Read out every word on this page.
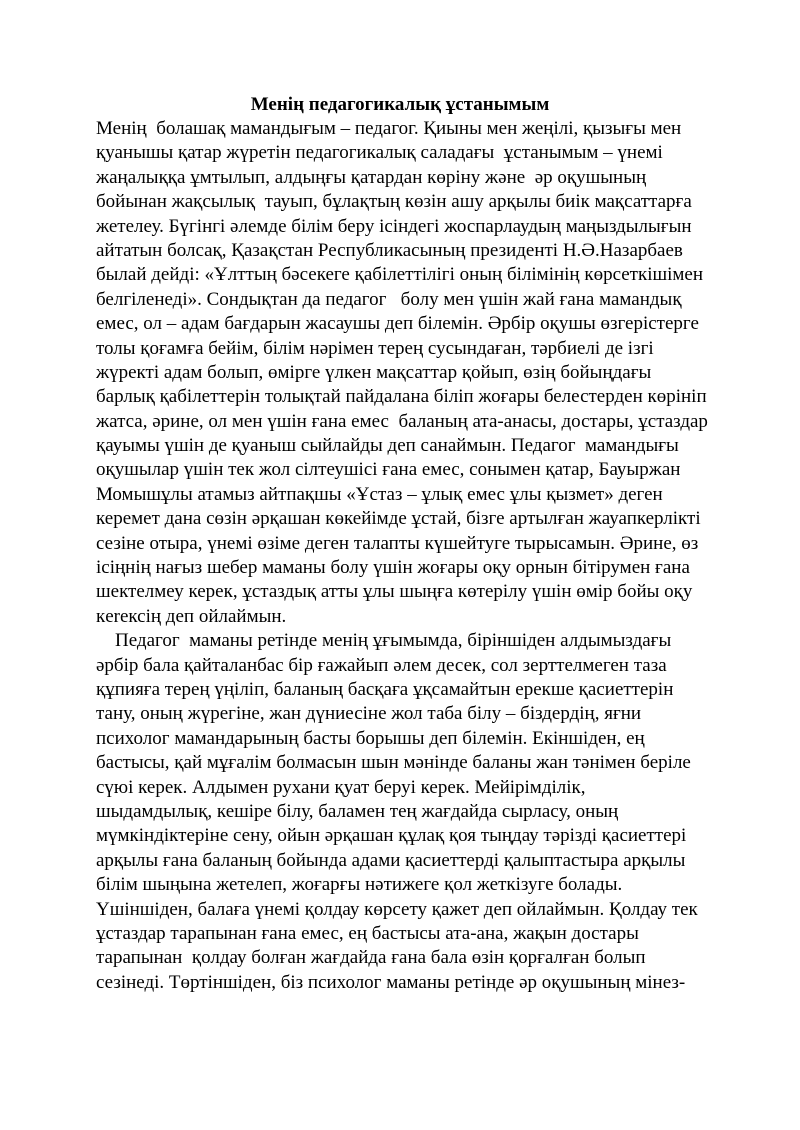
Менің педагогикалық ұстанымым
Менің  болашақ мамандығым – педагог. Қиыны мен жеңілі, қызығы мен
қуанышы қатар жүретін педагогикалық саладағы  ұстанымым – үнемі
жаңалыққа ұмтылып, алдыңғы қатардан көріну және  әр оқушының
бойынан жақсылық  тауып, бұлақтың көзін ашу арқылы биік мақсаттарға
жетелеу. Бүгінгі әлемде білім беру ісіндегі жоспарлаудың маңыздылығын
айтатын болсақ, Қазақстан Республикасының президенті Н.Ә.Назарбаев
былай дейді: «Ұлттың бәсекеге қабілеттілігі оның білімінің көрсеткішімен
белгіленеді». Сондықтан да педагог   болу мен үшін жай ғана мамандық
емес, ол – адам бағдарын жасаушы деп білемін. Әрбір оқушы өзгерістерге
толы қоғамға бейім, білім нәрімен терең сусындаған, тәрбиелі де ізгі
жүректі адам болып, өмірге үлкен мақсаттар қойып, өзің бойыңдағы
барлық қабілеттерін толықтай пайдалана біліп жоғары белестерден көрініп
жатса, әрине, ол мен үшін ғана емес  баланың ата-анасы, достары, ұстаздар
қауымы үшін де қуаныш сыйлайды деп санаймын. Педагог  мамандығы
оқушылар үшін тек жол сілтеушісі ғана емес, сонымен қатар, Бауыржан
Момышұлы атамыз айтпақшы «Ұстаз – ұлық емес ұлы қызмет» деген
керемет дана сөзін әрқашан көкейімде ұстай, бізге артылған жауапкерлікті
сезіне отыра, үнемі өзіме деген талапты күшейтуге тырысамын. Әрине, өз
ісіңнің нағыз шебер маманы болу үшін жоғары оқу орнын бітірумен ғана
шектелмеу керек, ұстаздық атты ұлы шыңға көтерілу үшін өмір бойы оқу
кereксің деп ойлаймын.
Педагог  маманы ретінде менің ұғымымда, біріншіден алдымыздағы
әрбір бала қайталанбас бір ғажайып әлем десек, сол зерттелмеген таза
құпияға терең үңіліп, баланың басқаға ұқсамайтын ерекше қасиеттерін
тану, оның жүрегіне, жан дүниесіне жол таба білу – біздердің, яғни
психолог мамандарының басты борышы деп білемін. Екіншіден, ең
бастысы, қай мұғалім болмасын шын мәнінде баланы жан тәнімен беріле
сүюі керек. Алдымен рухани қуат беруі керек. Мейірімділік,
шыдамдылық, кешіре білу, баламен тең жағдайда сырласу, оның
мүмкіндіктеріне сену, ойын әрқашан құлақ қоя тыңдау тәрізді қасиеттері
арқылы ғана баланың бойында адами қасиеттерді қалыптастыра арқылы
білім шыңына жетелеп, жоғарғы нәтижеге қол жеткізуге болады.
Үшіншіден, балаға үнемі қолдау көрсету қажет деп ойлаймын. Қолдау тек
ұстаздар тарапынан ғана емес, ең бастысы ата-ана, жақын достары
тарапынан  қолдау болған жағдайда ғана бала өзін қорғалған болып
сезінеді. Төртіншіден, біз психолог маманы ретінде әр оқушының мінез-
